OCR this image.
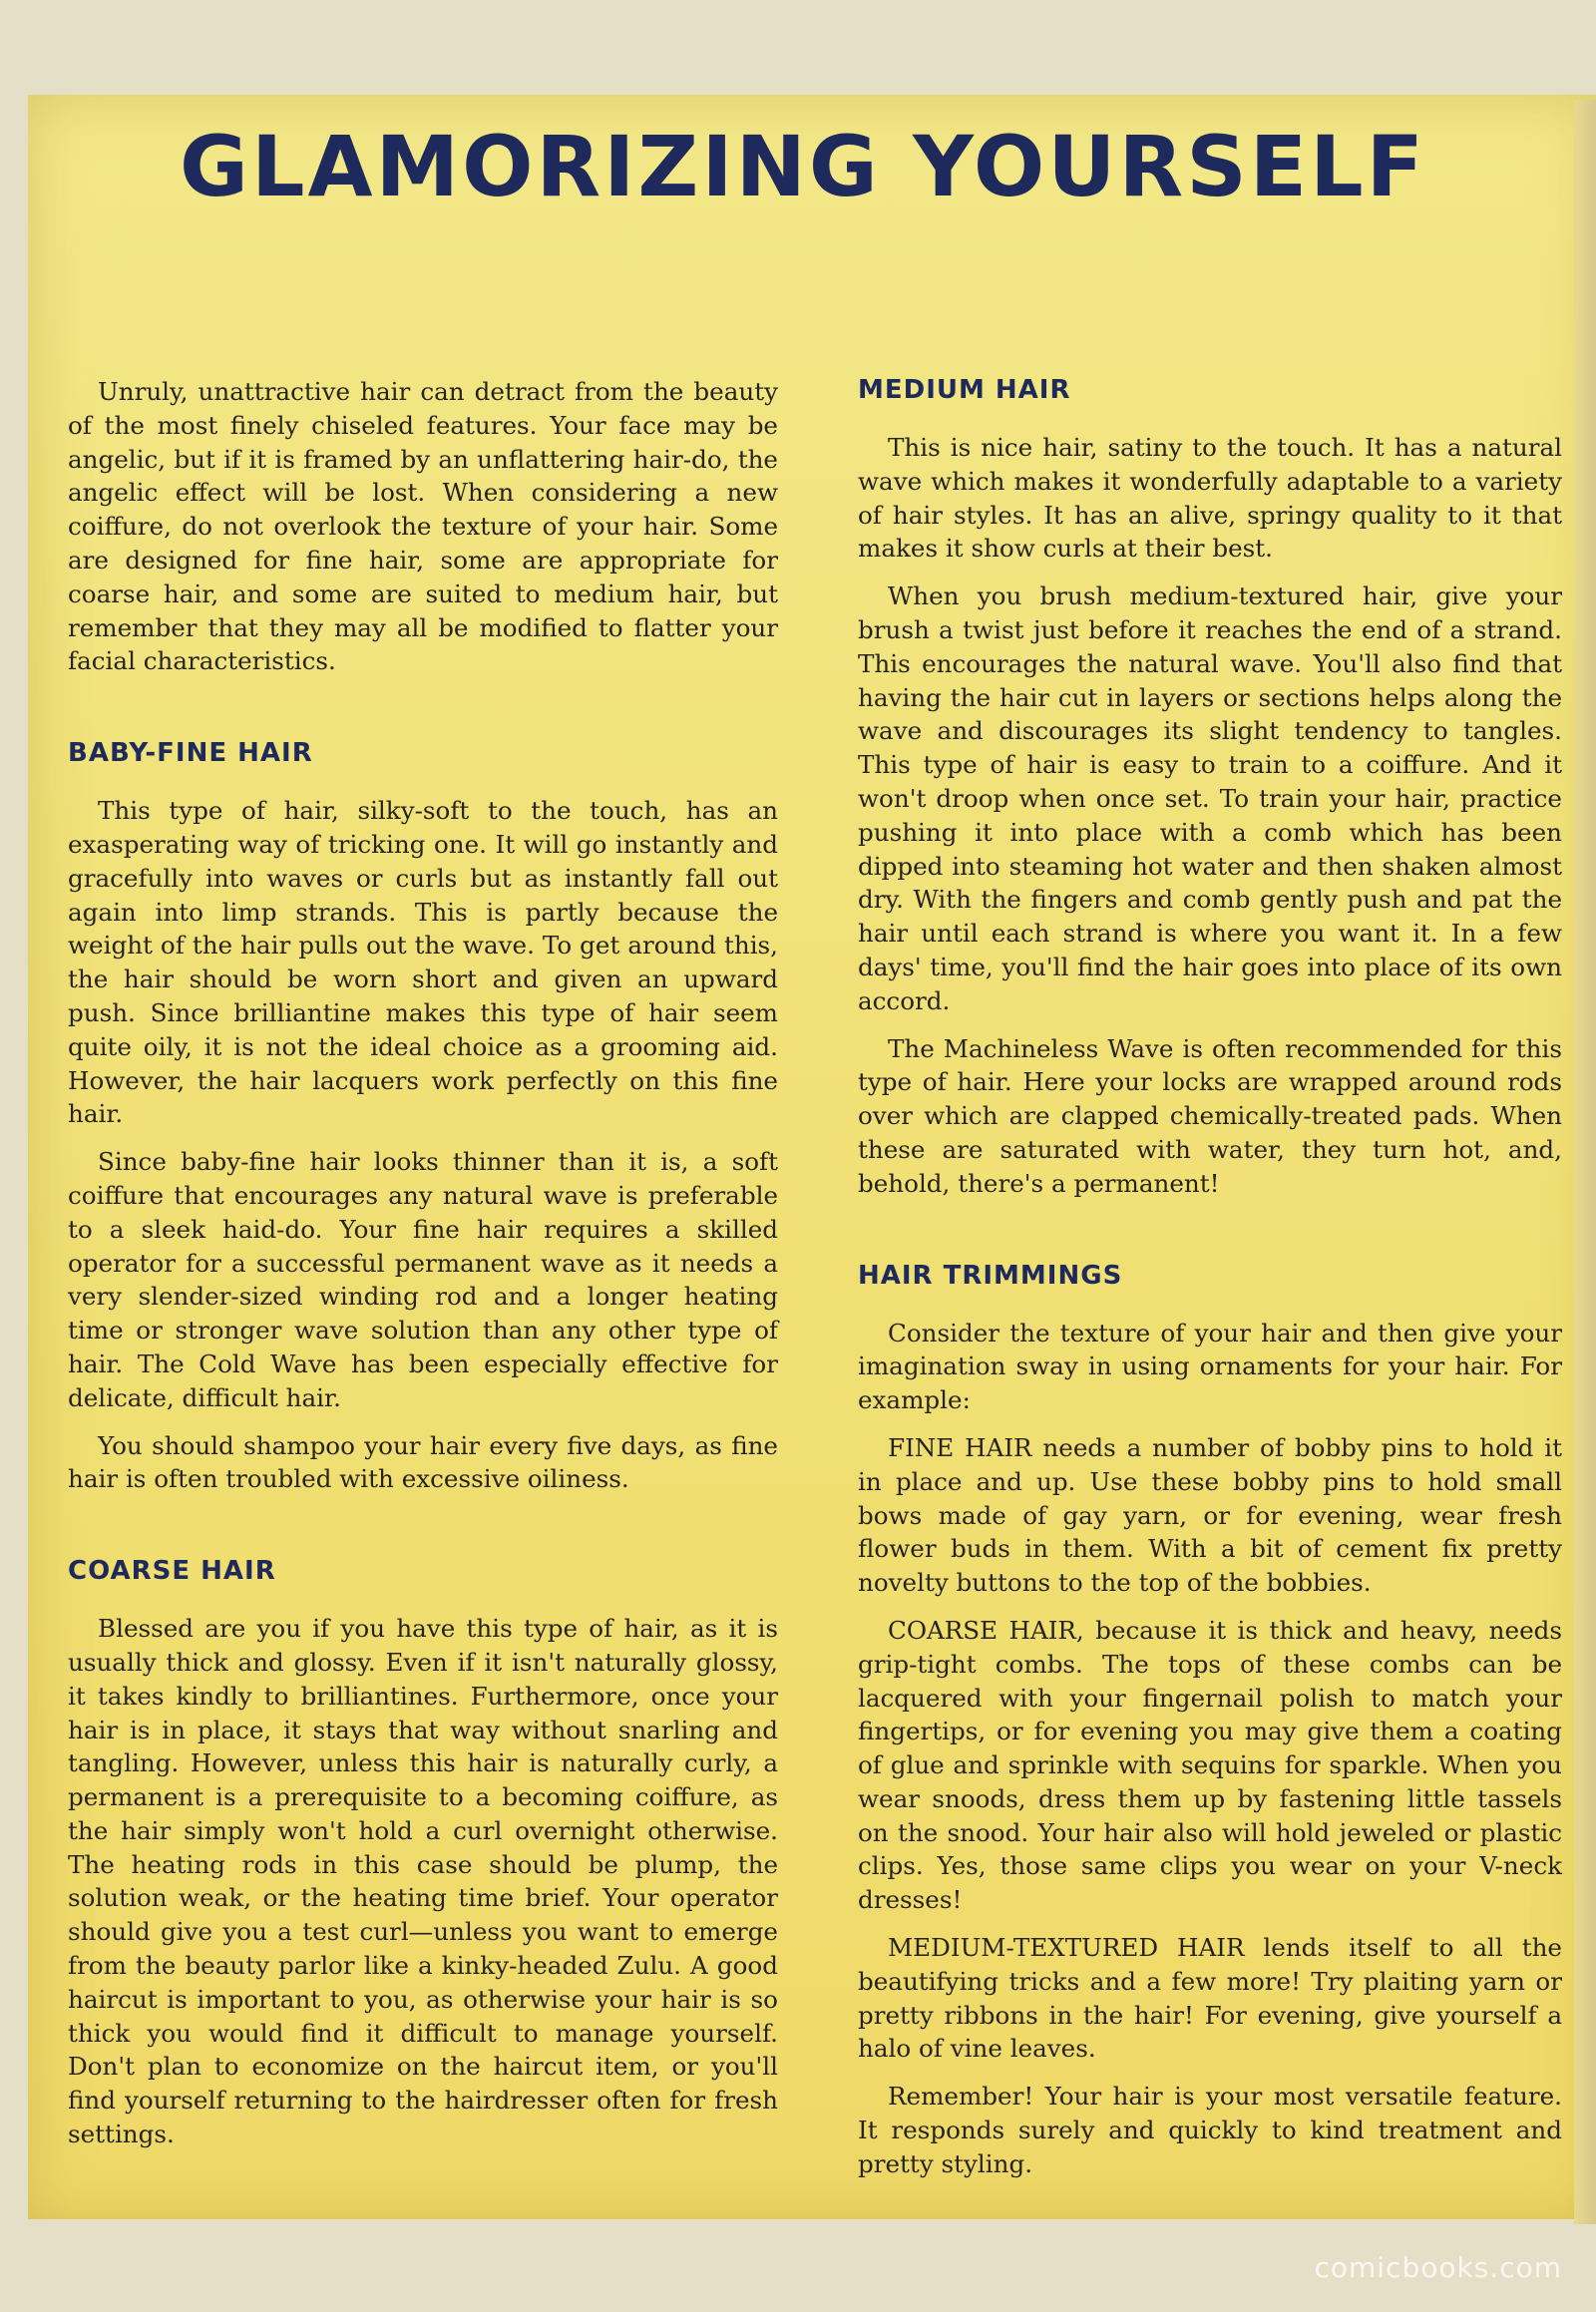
GLAMORIZING YOURSELF

Unruly, unattractive hair can detract from the beauty of the most finely chiseled features. Your face may be angelic, but if it is framed by an unflattering hair-do, the angelic effect will be lost. When considering a new coiffure, do not overlook the texture of your hair. Some are designed for fine hair, some are appropriate for coarse hair, and some are suited to medium hair, but remember that they may all be modified to flatter your facial characteristics.

BABY-FINE HAIR

This type of hair, silky-soft to the touch, has an exasperating way of tricking one. It will go instantly and gracefully into waves or curls but as instantly fall out again into limp strands. This is partly because the weight of the hair pulls out the wave. To get around this, the hair should be worn short and given an upward push. Since brilliantine makes this type of hair seem quite oily, it is not the ideal choice as a grooming aid. However, the hair lacquers work perfectly on this fine hair.

Since baby-fine hair looks thinner than it is, a soft coiffure that encourages any natural wave is preferable to a sleek haid-do. Your fine hair requires a skilled operator for a successful permanent wave as it needs a very slender-sized winding rod and a longer heating time or stronger wave solution than any other type of hair. The Cold Wave has been especially effective for delicate, difficult hair.

You should shampoo your hair every five days, as fine hair is often troubled with excessive oiliness.

COARSE HAIR

Blessed are you if you have this type of hair, as it is usually thick and glossy. Even if it isn't naturally glossy, it takes kindly to brilliantines. Furthermore, once your hair is in place, it stays that way without snarling and tangling. However, unless this hair is naturally curly, a permanent is a prerequisite to a becoming coiffure, as the hair simply won't hold a curl overnight otherwise. The heating rods in this case should be plump, the solution weak, or the heating time brief. Your operator should give you a test curl—unless you want to emerge from the beauty parlor like a kinky-headed Zulu. A good haircut is important to you, as otherwise your hair is so thick you would find it difficult to manage yourself. Don't plan to economize on the haircut item, or you'll find yourself returning to the hairdresser often for fresh settings.

MEDIUM HAIR

This is nice hair, satiny to the touch. It has a natural wave which makes it wonderfully adaptable to a variety of hair styles. It has an alive, springy quality to it that makes it show curls at their best.

When you brush medium-textured hair, give your brush a twist just before it reaches the end of a strand. This encourages the natural wave. You'll also find that having the hair cut in layers or sections helps along the wave and discourages its slight tendency to tangles. This type of hair is easy to train to a coiffure. And it won't droop when once set. To train your hair, practice pushing it into place with a comb which has been dipped into steaming hot water and then shaken almost dry. With the fingers and comb gently push and pat the hair until each strand is where you want it. In a few days' time, you'll find the hair goes into place of its own accord.

The Machineless Wave is often recommended for this type of hair. Here your locks are wrapped around rods over which are clapped chemically-treated pads. When these are saturated with water, they turn hot, and, behold, there's a permanent!

HAIR TRIMMINGS

Consider the texture of your hair and then give your imagination sway in using ornaments for your hair. For example:

FINE HAIR needs a number of bobby pins to hold it in place and up. Use these bobby pins to hold small bows made of gay yarn, or for evening, wear fresh flower buds in them. With a bit of cement fix pretty novelty buttons to the top of the bobbies.

COARSE HAIR, because it is thick and heavy, needs grip-tight combs. The tops of these combs can be lacquered with your fingernail polish to match your fingertips, or for evening you may give them a coating of glue and sprinkle with sequins for sparkle. When you wear snoods, dress them up by fastening little tassels on the snood. Your hair also will hold jeweled or plastic clips. Yes, those same clips you wear on your V-neck dresses!

MEDIUM-TEXTURED HAIR lends itself to all the beautifying tricks and a few more! Try plaiting yarn or pretty ribbons in the hair! For evening, give yourself a halo of vine leaves.

Remember! Your hair is your most versatile feature. It responds surely and quickly to kind treatment and pretty styling.

comicbooks.com
